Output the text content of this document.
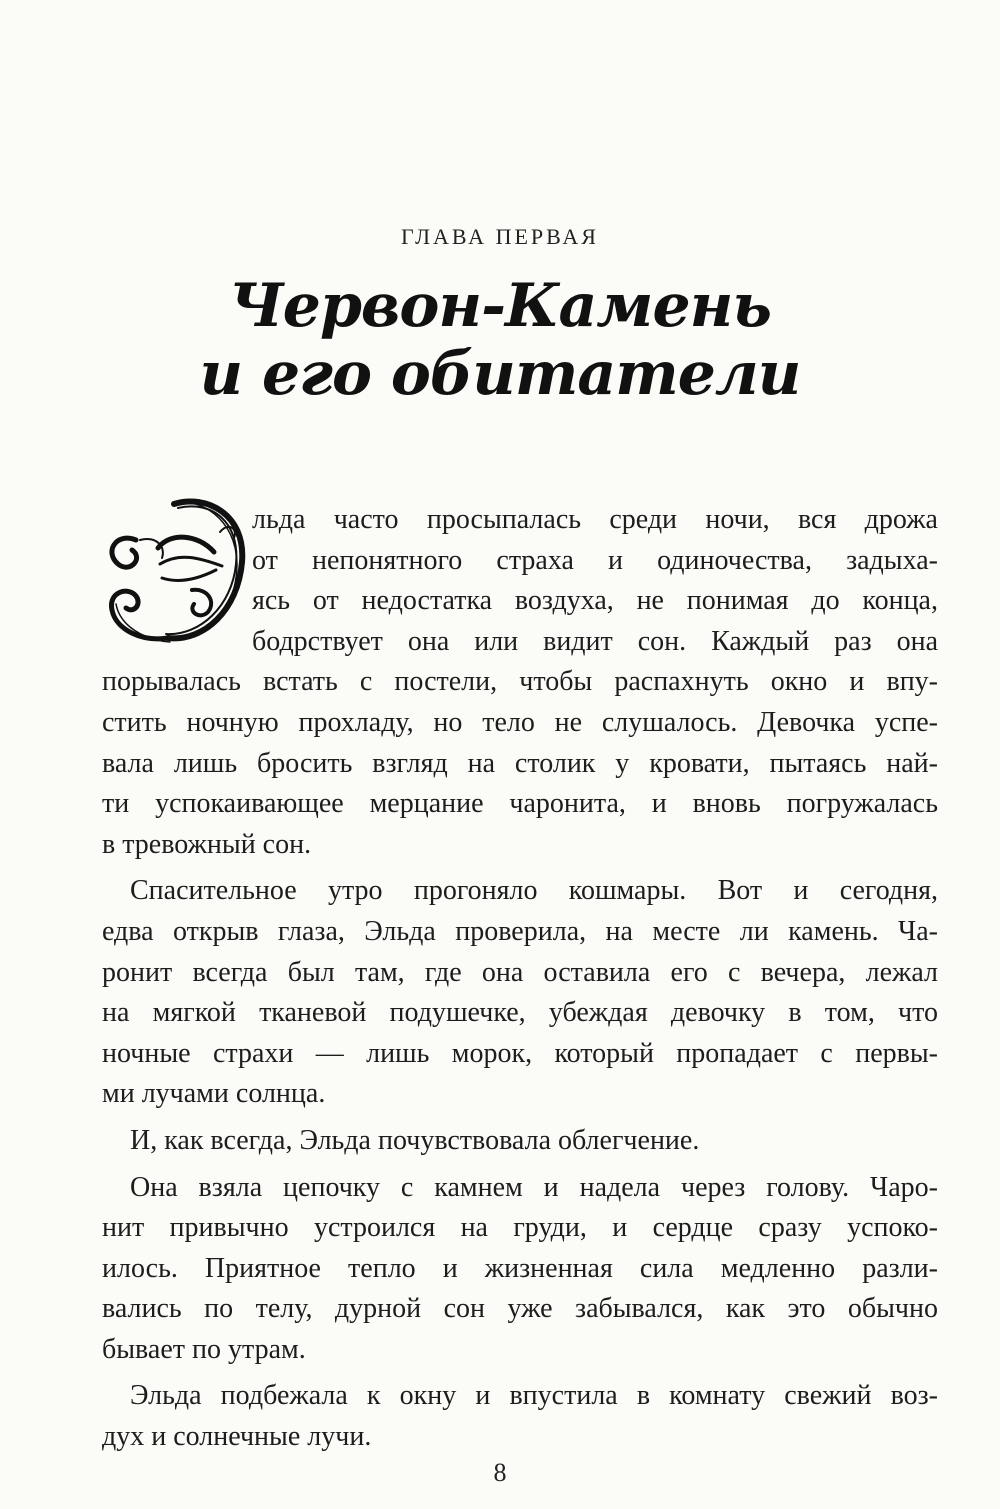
ГЛАВА ПЕРВАЯ
Червон-Камень
и его обитатели
льда часто просыпалась среди ночи, вся дрожа
от непонятного страха и одиночества, задыха-
ясь от недостатка воздуха, не понимая до конца,
бодрствует она или видит сон. Каждый раз она
порывалась встать с постели, чтобы распахнуть окно и впу-
стить ночную прохладу, но тело не слушалось. Девочка успе-
вала лишь бросить взгляд на столик у кровати, пытаясь най-
ти успокаивающее мерцание чаронита, и вновь погружалась
в тревожный сон.
Спасительное утро прогоняло кошмары. Вот и сегодня,
едва открыв глаза, Эльда проверила, на месте ли камень. Ча-
ронит всегда был там, где она оставила его с вечера, лежал
на мягкой тканевой подушечке, убеждая девочку в том, что
ночные страхи — лишь морок, который пропадает с первы-
ми лучами солнца.
И, как всегда, Эльда почувствовала облегчение.
Она взяла цепочку с камнем и надела через голову. Чаро-
нит привычно устроился на груди, и сердце сразу успоко-
илось. Приятное тепло и жизненная сила медленно разли-
вались по телу, дурной сон уже забывался, как это обычно
бывает по утрам.
Эльда подбежала к окну и впустила в комнату свежий воз-
дух и солнечные лучи.
8
